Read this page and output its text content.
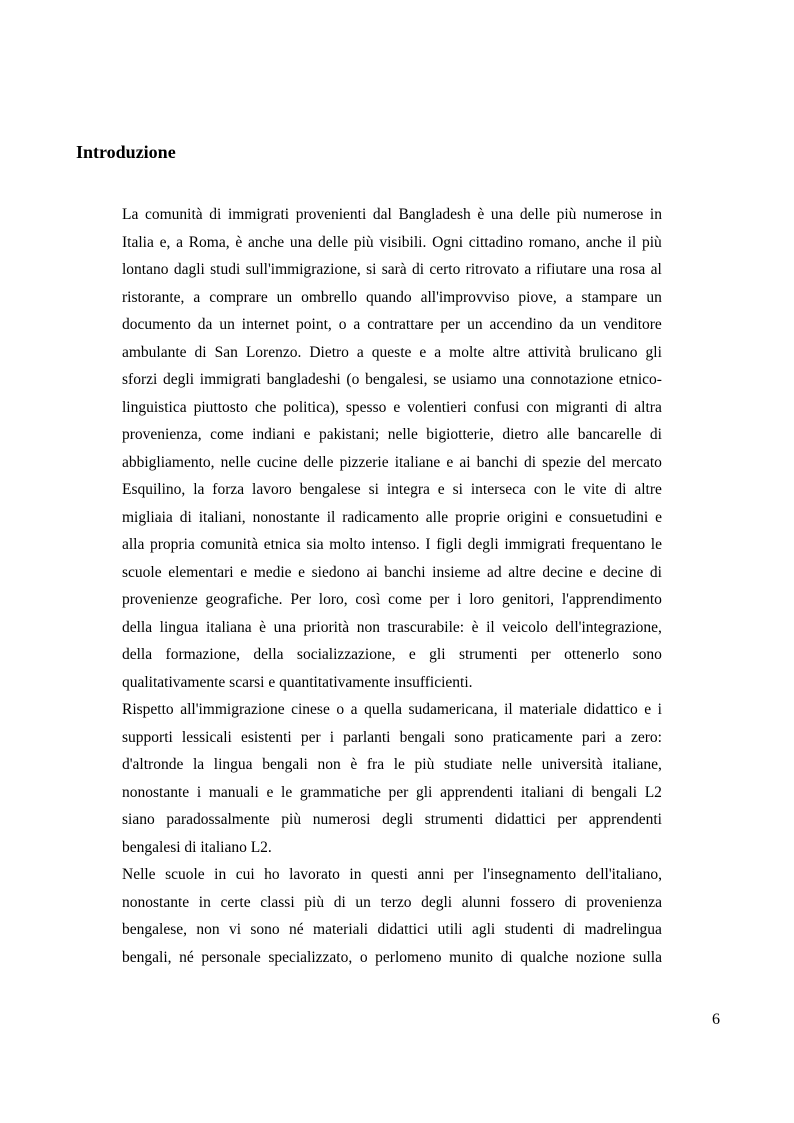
Introduzione
La comunità di immigrati provenienti dal Bangladesh è una delle più numerose in
Italia e, a Roma, è anche una delle più visibili. Ogni cittadino romano, anche il più
lontano dagli studi sull'immigrazione, si sarà di certo ritrovato a rifiutare una rosa al
ristorante, a comprare un ombrello quando all'improvviso piove, a stampare un
documento da un internet point, o a contrattare per un accendino da un venditore
ambulante di San Lorenzo. Dietro a queste e a molte altre attività brulicano gli
sforzi degli immigrati bangladeshi (o bengalesi, se usiamo una connotazione etnico-
linguistica piuttosto che politica), spesso e volentieri confusi con migranti di altra
provenienza, come indiani e pakistani; nelle bigiotterie, dietro alle bancarelle di
abbigliamento, nelle cucine delle pizzerie italiane e ai banchi di spezie del mercato
Esquilino, la forza lavoro bengalese si integra e si interseca con le vite di altre
migliaia di italiani, nonostante il radicamento alle proprie origini e consuetudini e
alla propria comunità etnica sia molto intenso. I figli degli immigrati frequentano le
scuole elementari e medie e siedono ai banchi insieme ad altre decine e decine di
provenienze geografiche. Per loro, così come per i loro genitori, l'apprendimento
della lingua italiana è una priorità non trascurabile: è il veicolo dell'integrazione,
della formazione, della socializzazione, e gli strumenti per ottenerlo sono
qualitativamente scarsi e quantitativamente insufficienti.
Rispetto all'immigrazione cinese o a quella sudamericana, il materiale didattico e i
supporti lessicali esistenti per i parlanti bengali sono praticamente pari a zero:
d'altronde la lingua bengali non è fra le più studiate nelle università italiane,
nonostante i manuali e le grammatiche per gli apprendenti italiani di bengali L2
siano paradossalmente più numerosi degli strumenti didattici per apprendenti
bengalesi di italiano L2.
Nelle scuole in cui ho lavorato in questi anni per l'insegnamento dell'italiano,
nonostante in certe classi più di un terzo degli alunni fossero di provenienza
bengalese, non vi sono né materiali didattici utili agli studenti di madrelingua
bengali, né personale specializzato, o perlomeno munito di qualche nozione sulla
6
